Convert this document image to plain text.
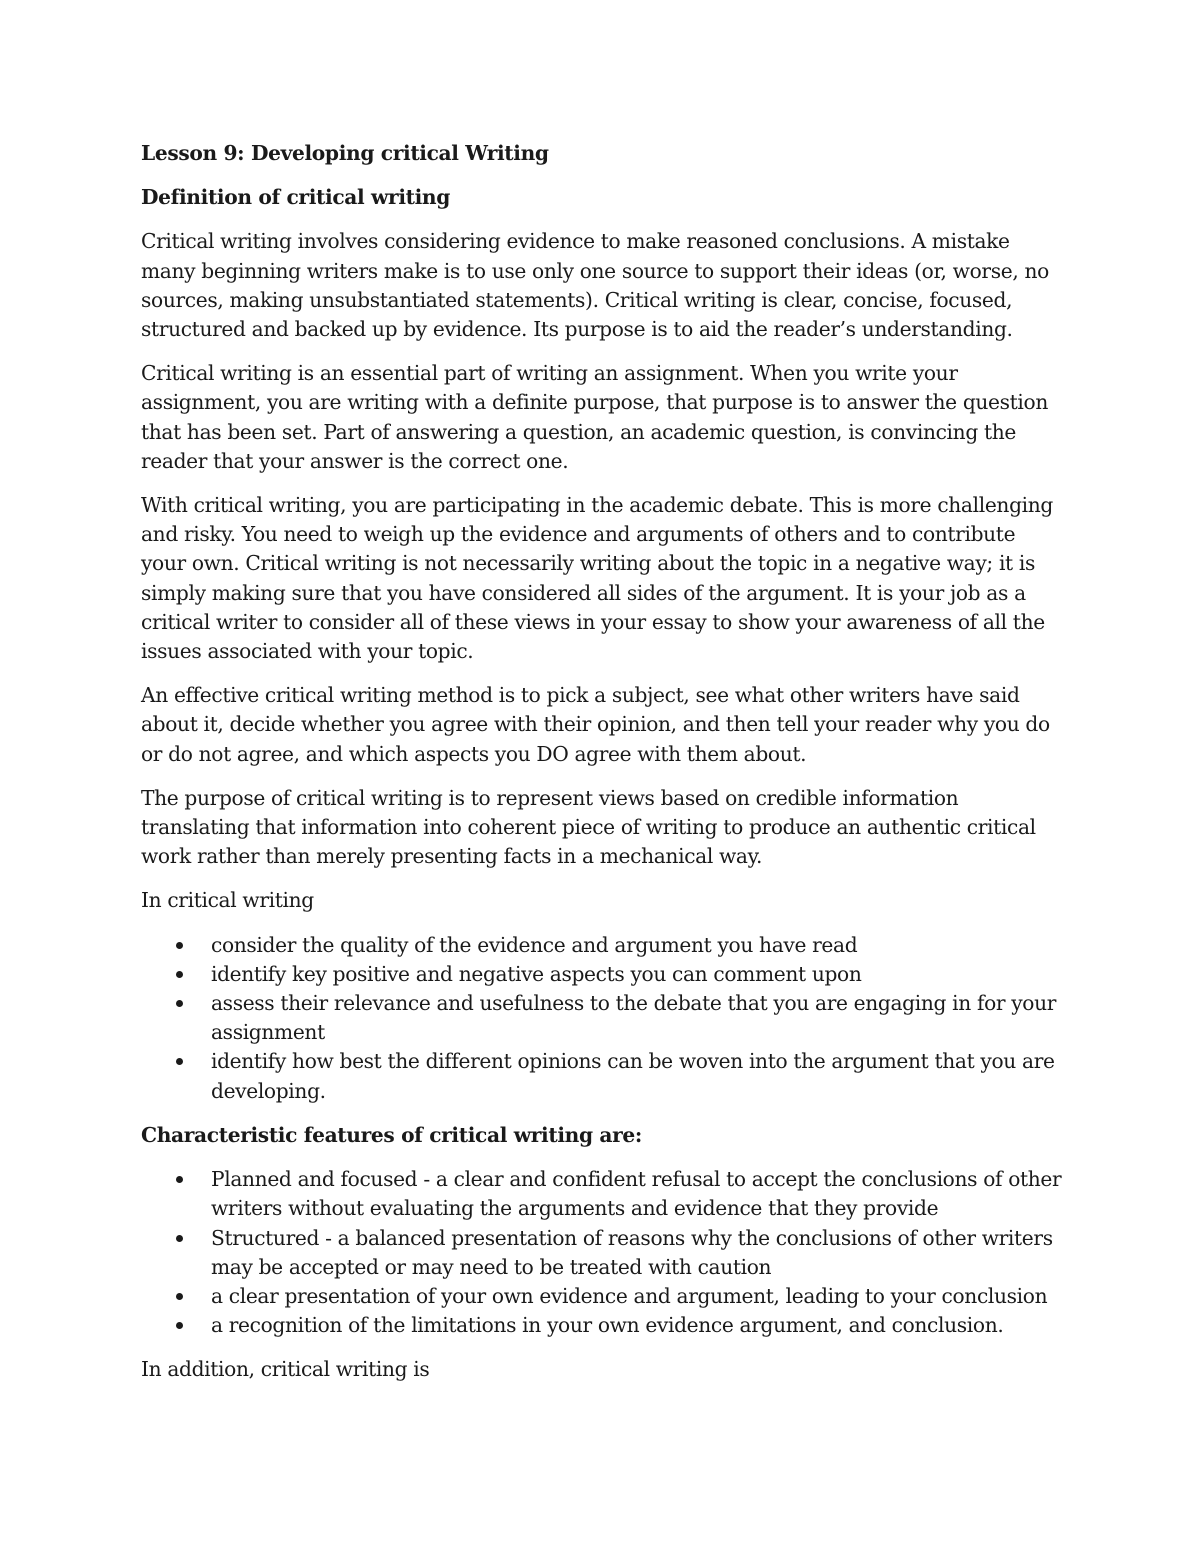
Lesson 9: Developing critical Writing

Definition of critical writing

Critical writing involves considering evidence to make reasoned conclusions. A mistake many beginning writers make is to use only one source to support their ideas (or, worse, no sources, making unsubstantiated statements). Critical writing is clear, concise, focused, structured and backed up by evidence. Its purpose is to aid the reader’s understanding.

Critical writing is an essential part of writing an assignment. When you write your assignment, you are writing with a definite purpose, that purpose is to answer the question that has been set. Part of answering a question, an academic question, is convincing the reader that your answer is the correct one.

With critical writing, you are participating in the academic debate. This is more challenging and risky. You need to weigh up the evidence and arguments of others and to contribute your own. Critical writing is not necessarily writing about the topic in a negative way; it is simply making sure that you have considered all sides of the argument. It is your job as a critical writer to consider all of these views in your essay to show your awareness of all the issues associated with your topic.

An effective critical writing method is to pick a subject, see what other writers have said about it, decide whether you agree with their opinion, and then tell your reader why you do or do not agree, and which aspects you DO agree with them about.

The purpose of critical writing is to represent views based on credible information translating that information into coherent piece of writing to produce an authentic critical work rather than merely presenting facts in a mechanical way.

In critical writing

consider the quality of the evidence and argument you have read
identify key positive and negative aspects you can comment upon
assess their relevance and usefulness to the debate that you are engaging in for your assignment
identify how best the different opinions can be woven into the argument that you are developing.

Characteristic features of critical writing are:

Planned and focused - a clear and confident refusal to accept the conclusions of other writers without evaluating the arguments and evidence that they provide
Structured - a balanced presentation of reasons why the conclusions of other writers may be accepted or may need to be treated with caution
a clear presentation of your own evidence and argument, leading to your conclusion
a recognition of the limitations in your own evidence argument, and conclusion.

In addition, critical writing is
